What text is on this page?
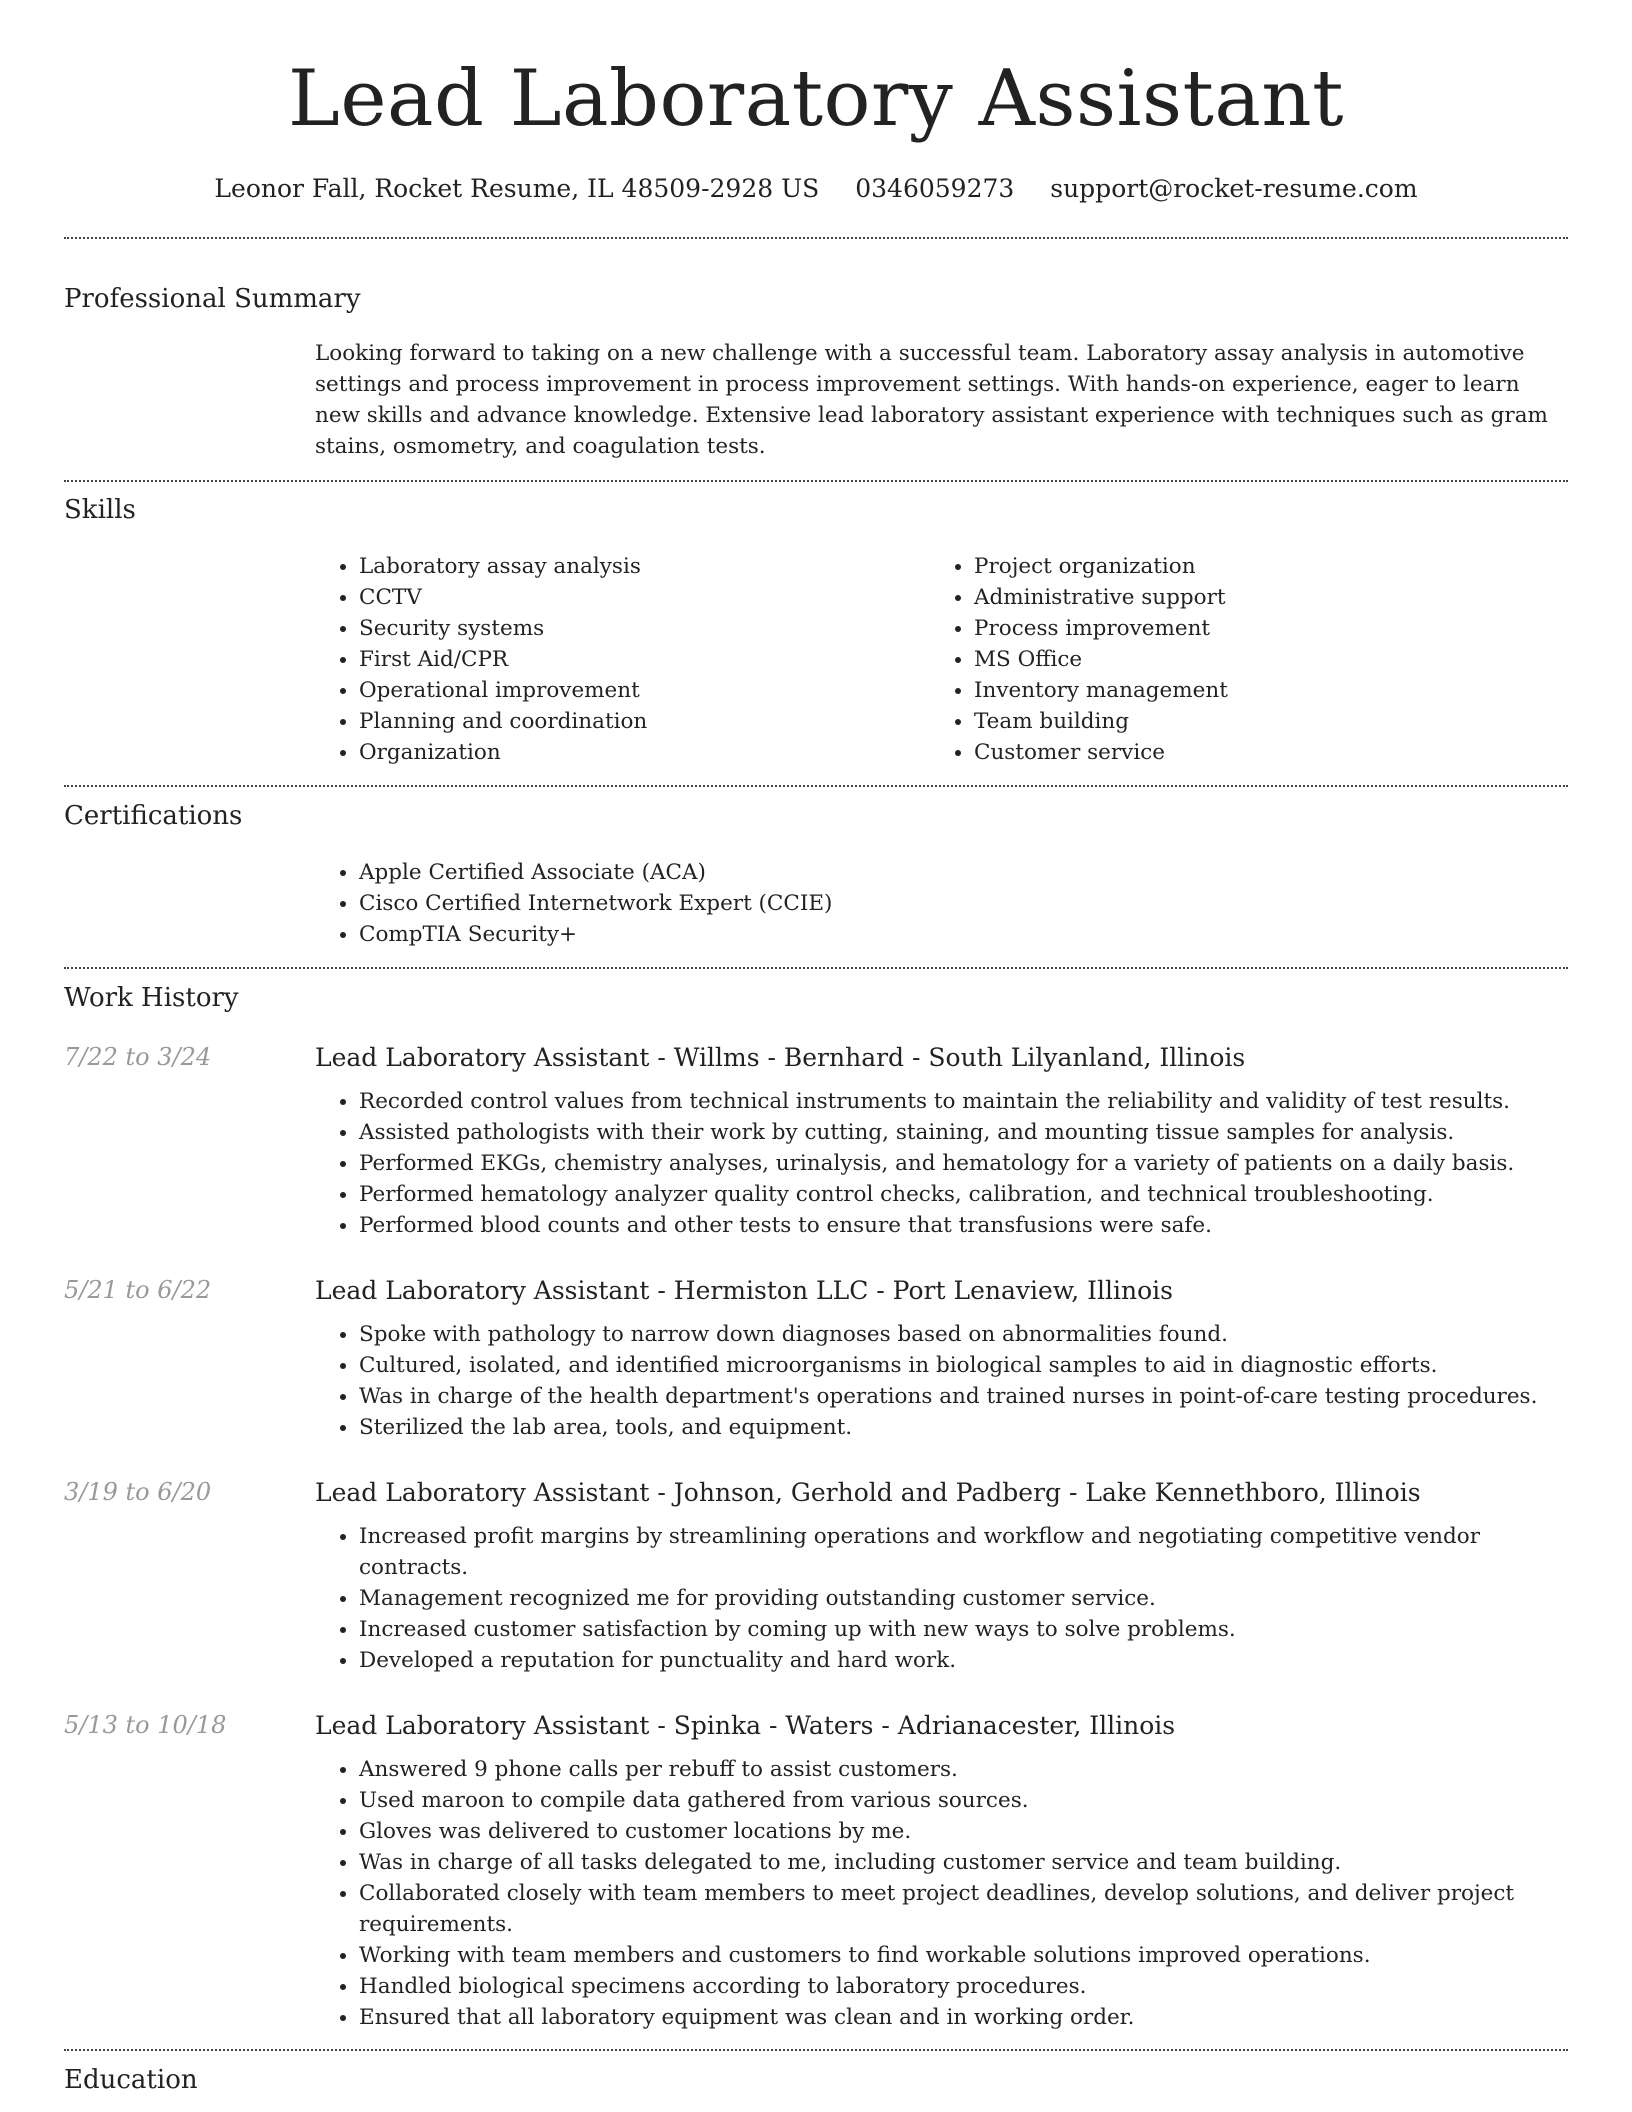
Lead Laboratory Assistant
Leonor Fall, Rocket Resume, IL 48509-2928 US 0346059273 support@rocket-resume.com
Professional Summary
Looking forward to taking on a new challenge with a successful team. Laboratory assay analysis in automotive settings and process improvement in process improvement settings. With hands-on experience, eager to learn new skills and advance knowledge. Extensive lead laboratory assistant experience with techniques such as gram stains, osmometry, and coagulation tests.
Skills
• Laboratory assay analysis
• CCTV
• Security systems
• First Aid/CPR
• Operational improvement
• Planning and coordination
• Organization
• Project organization
• Administrative support
• Process improvement
• MS Office
• Inventory management
• Team building
• Customer service
Certifications
• Apple Certified Associate (ACA)
• Cisco Certified Internetwork Expert (CCIE)
• CompTIA Security+
Work History
7/22 to 3/24	Lead Laboratory Assistant - Willms - Bernhard - South Lilyanland, Illinois
• Recorded control values from technical instruments to maintain the reliability and validity of test results.
• Assisted pathologists with their work by cutting, staining, and mounting tissue samples for analysis.
• Performed EKGs, chemistry analyses, urinalysis, and hematology for a variety of patients on a daily basis.
• Performed hematology analyzer quality control checks, calibration, and technical troubleshooting.
• Performed blood counts and other tests to ensure that transfusions were safe.
5/21 to 6/22	Lead Laboratory Assistant - Hermiston LLC - Port Lenaview, Illinois
• Spoke with pathology to narrow down diagnoses based on abnormalities found.
• Cultured, isolated, and identified microorganisms in biological samples to aid in diagnostic efforts.
• Was in charge of the health department's operations and trained nurses in point-of-care testing procedures.
• Sterilized the lab area, tools, and equipment.
3/19 to 6/20	Lead Laboratory Assistant - Johnson, Gerhold and Padberg - Lake Kennethboro, Illinois
• Increased profit margins by streamlining operations and workflow and negotiating competitive vendor contracts.
• Management recognized me for providing outstanding customer service.
• Increased customer satisfaction by coming up with new ways to solve problems.
• Developed a reputation for punctuality and hard work.
5/13 to 10/18	Lead Laboratory Assistant - Spinka - Waters - Adrianacester, Illinois
• Answered 9 phone calls per rebuff to assist customers.
• Used maroon to compile data gathered from various sources.
• Gloves was delivered to customer locations by me.
• Was in charge of all tasks delegated to me, including customer service and team building.
• Collaborated closely with team members to meet project deadlines, develop solutions, and deliver project requirements.
• Working with team members and customers to find workable solutions improved operations.
• Handled biological specimens according to laboratory procedures.
• Ensured that all laboratory equipment was clean and in working order.
Education
